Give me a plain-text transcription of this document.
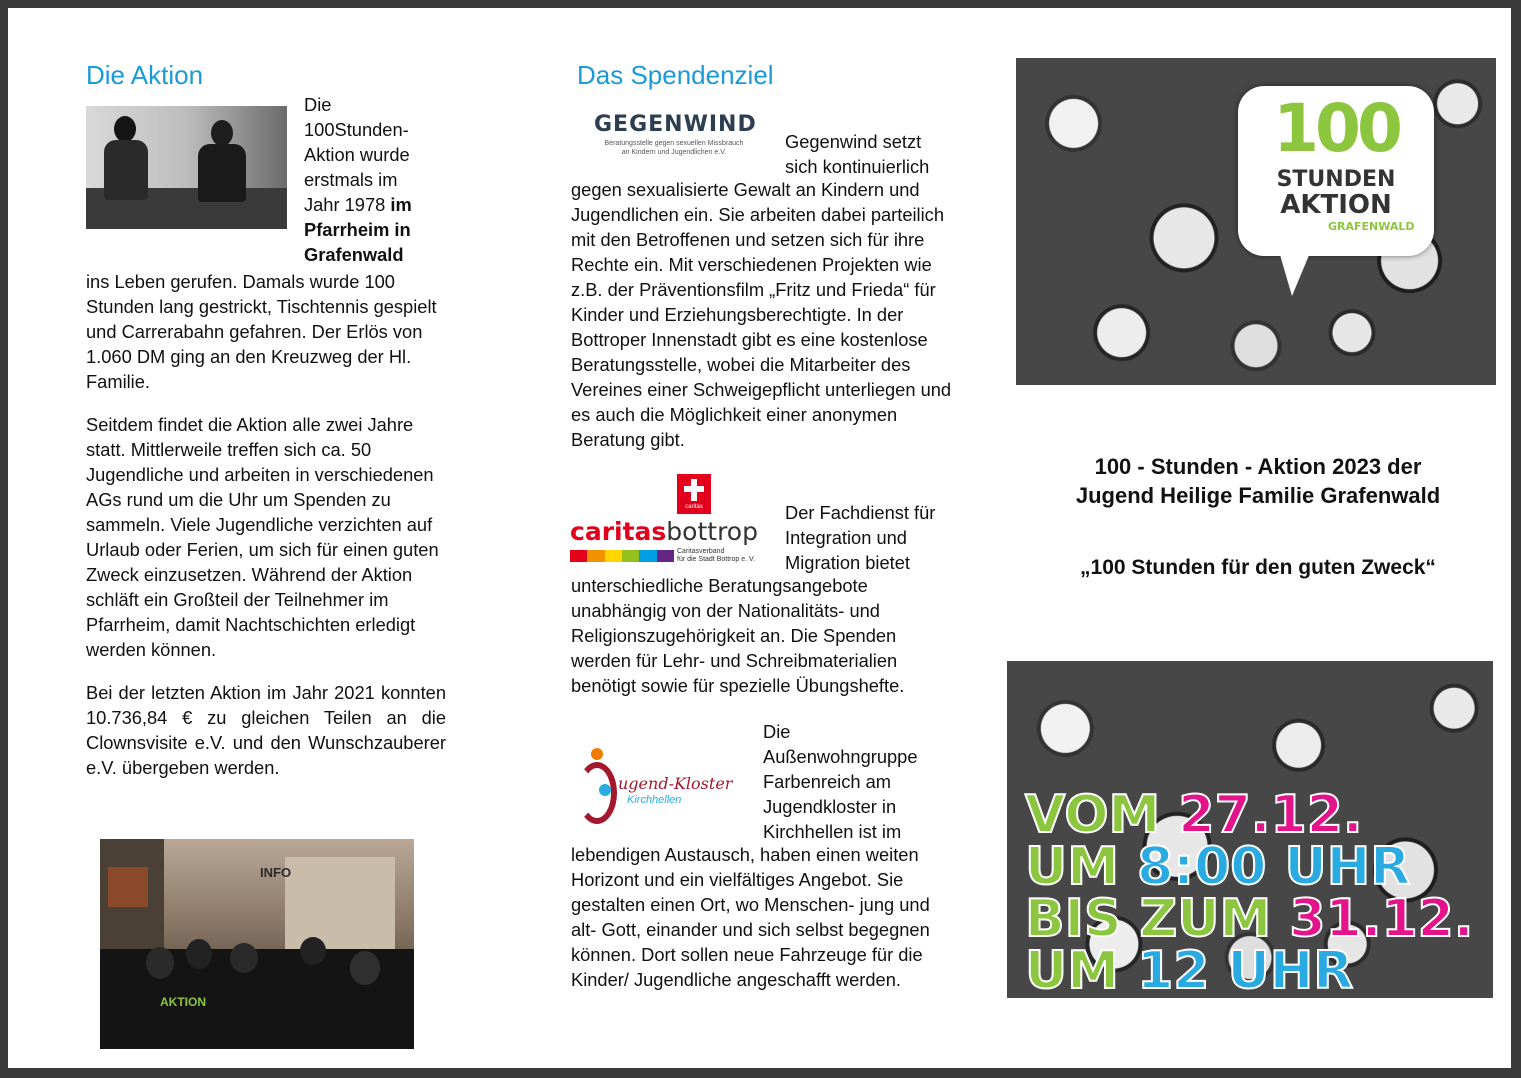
Die Aktion
Die
100Stunden-
Aktion wurde
erstmals im
Jahr 1978 im
Pfarrheim in
Grafenwald

ins Leben gerufen. Damals wurde 100 Stunden lang gestrickt, Tischtennis gespielt und Carrerabahn gefahren. Der Erlös von 1.060 DM ging an den Kreuzweg der Hl. Familie.

Seitdem findet die Aktion alle zwei Jahre statt. Mittlerweile treffen sich ca. 50 Jugendliche und arbeiten in verschiedenen AGs rund um die Uhr um Spenden zu sammeln. Viele Jugendliche verzichten auf Urlaub oder Ferien, um sich für einen guten Zweck einzusetzen. Während der Aktion schläft ein Großteil der Teilnehmer im Pfarrheim, damit Nachtschichten erledigt werden können.

Bei der letzten Aktion im Jahr 2021 konnten 10.736,84 € zu gleichen Teilen an die Clownsvisite e.V. und den Wunschzauberer e.V. übergeben werden.

INFO
AKTION
Das Spendenziel
GEGENWIND
Beratungsstelle gegen sexuellen Missbrauch
an Kindern und Jugendlichen e.V.
Gegenwind setzt
sich kontinuierlich
gegen sexualisierte Gewalt an Kindern und Jugendlichen ein. Sie arbeiten dabei parteilich mit den Betroffenen und setzen sich für ihre Rechte ein. Mit verschiedenen Projekten wie z.B. der Präventionsfilm „Fritz und Frieda“ für Kinder und Erziehungsberechtigte. In der Bottroper Innenstadt gibt es eine kostenlose Beratungsstelle, wobei die Mitarbeiter des Vereines einer Schweigepflicht unterliegen und es auch die Möglichkeit einer anonymen Beratung gibt.
caritas
caritasbottrop
Caritasverband
für die Stadt Bottrop e. V.
Der Fachdienst für
Integration und
Migration bietet
unterschiedliche Beratungsangebote unabhängig von der Nationalitäts- und Religionszugehörigkeit an. Die Spenden werden für Lehr- und Schreibmaterialien benötigt sowie für spezielle Übungshefte.
ugend-Kloster
Kirchhellen
Die
Außenwohngruppe
Farbenreich am
Jugendkloster in
Kirchhellen ist im
lebendigen Austausch, haben einen weiten Horizont und ein vielfältiges Angebot. Sie gestalten einen Ort, wo Menschen- jung und alt- Gott, einander und sich selbst begegnen können. Dort sollen neue Fahrzeuge für die Kinder/ Jugendliche angeschafft werden.
100
STUNDEN
AKTION
GRAFENWALD
100 - Stunden - Aktion 2023 der
Jugend Heilige Familie Grafenwald
„100 Stunden für den guten Zweck“
VOM 27.12.
UM 8:00 UHR
BIS ZUM 31.12.
UM 12 UHR
